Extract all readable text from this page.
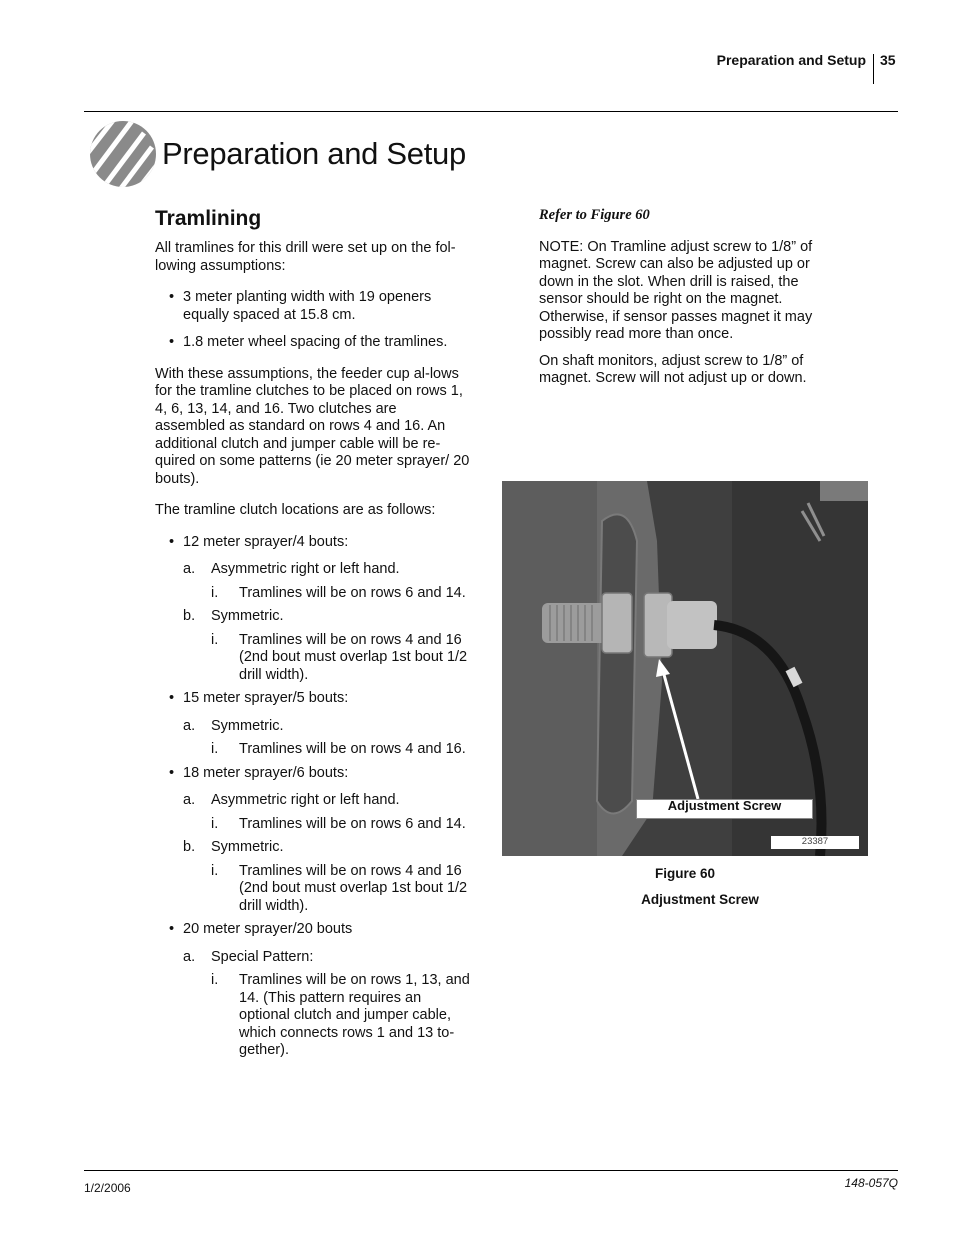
Preparation and Setup 35
Preparation and Setup
Tramlining

All tramlines for this drill were set up on the fol-lowing assumptions:

• 3 meter planting width with 19 openers equally spaced at 15.8 cm.
• 1.8 meter wheel spacing of the tramlines.

With these assumptions, the feeder cup al-lows for the tramline clutches to be placed on rows 1, 4, 6, 13, 14, and 16. Two clutches are assembled as standard on rows 4 and 16. An additional clutch and jumper cable will be re-quired on some patterns (ie 20 meter sprayer/ 20 bouts).

The tramline clutch locations are as follows:

• 12 meter sprayer/4 bouts:
a. Asymmetric right or left hand.
i. Tramlines will be on rows 6 and 14.
b. Symmetric.
i. Tramlines will be on rows 4 and 16 (2nd bout must overlap 1st bout 1/2 drill width).
• 15 meter sprayer/5 bouts:
a. Symmetric.
i. Tramlines will be on rows 4 and 16.
• 18 meter sprayer/6 bouts:
a. Asymmetric right or left hand.
i. Tramlines will be on rows 6 and 14.
b. Symmetric.
i. Tramlines will be on rows 4 and 16 (2nd bout must overlap 1st bout 1/2 drill width).
• 20 meter sprayer/20 bouts
a. Special Pattern:
i. Tramlines will be on rows 1, 13, and 14. (This pattern requires an optional clutch and jumper cable, which connects rows 1 and 13 to-gether).
Refer to Figure 60

NOTE: On Tramline adjust screw to 1/8” of magnet. Screw can also be adjusted up or down in the slot. When drill is raised, the sensor should be right on the magnet. Otherwise, if sensor passes magnet it may possibly read more than once.

On shaft monitors, adjust screw to 1/8” of magnet. Screw will not adjust up or down.

Adjustment Screw
23387
Figure 60
Adjustment Screw
1/2/2006	148-057Q
